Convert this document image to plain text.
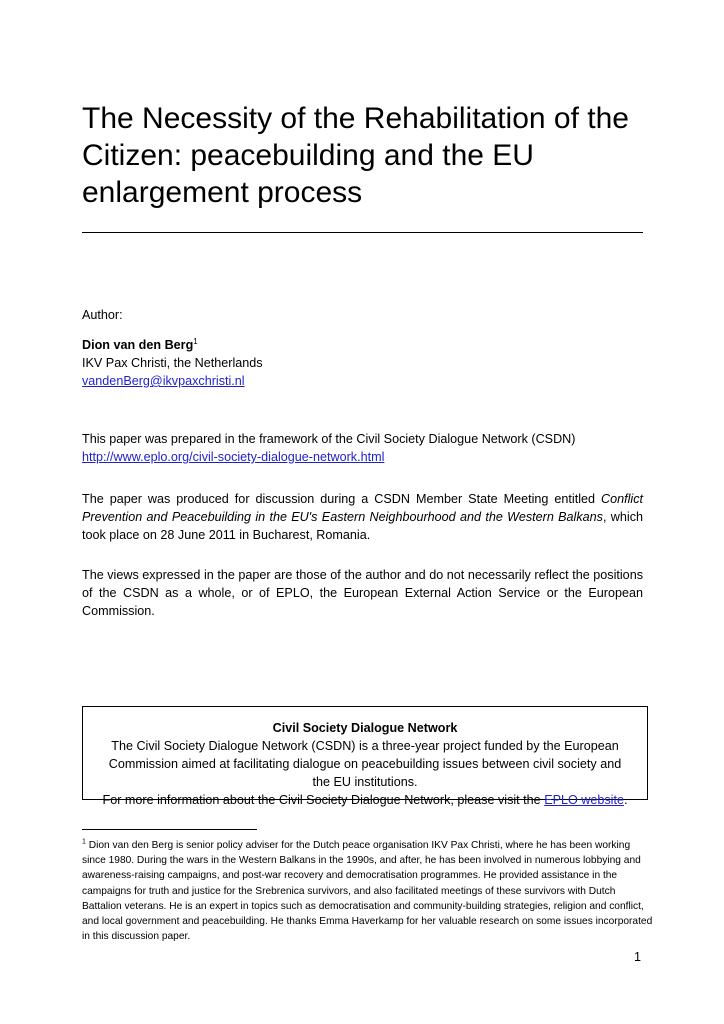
The Necessity of the Rehabilitation of the Citizen: peacebuilding and the EU enlargement process
Author:
Dion van den Berg$^1$
IKV Pax Christi, the Netherlands
vandenBerg@ikvpaxchristi.nl
This paper was prepared in the framework of the Civil Society Dialogue Network (CSDN)
http://www.eplo.org/civil-society-dialogue-network.html
The paper was produced for discussion during a CSDN Member State Meeting entitled Conflict Prevention and Peacebuilding in the EU's Eastern Neighbourhood and the Western Balkans, which took place on 28 June 2011 in Bucharest, Romania.
The views expressed in the paper are those of the author and do not necessarily reflect the positions of the CSDN as a whole, or of EPLO, the European External Action Service or the European Commission.
Civil Society Dialogue Network
The Civil Society Dialogue Network (CSDN) is a three-year project funded by the European
Commission aimed at facilitating dialogue on peacebuilding issues between civil society and
the EU institutions.
For more information about the Civil Society Dialogue Network, please visit the EPLO website.
$^1$ Dion van den Berg is senior policy adviser for the Dutch peace organisation IKV Pax Christi, where he has been working since 1980. During the wars in the Western Balkans in the 1990s, and after, he has been involved in numerous lobbying and awareness-raising campaigns, and post-war recovery and democratisation programmes. He provided assistance in the campaigns for truth and justice for the Srebrenica survivors, and also facilitated meetings of these survivors with Dutch Battalion veterans. He is an expert in topics such as democratisation and community-building strategies, religion and conflict, and local government and peacebuilding. He thanks Emma Haverkamp for her valuable research on some issues incorporated in this discussion paper.
1
